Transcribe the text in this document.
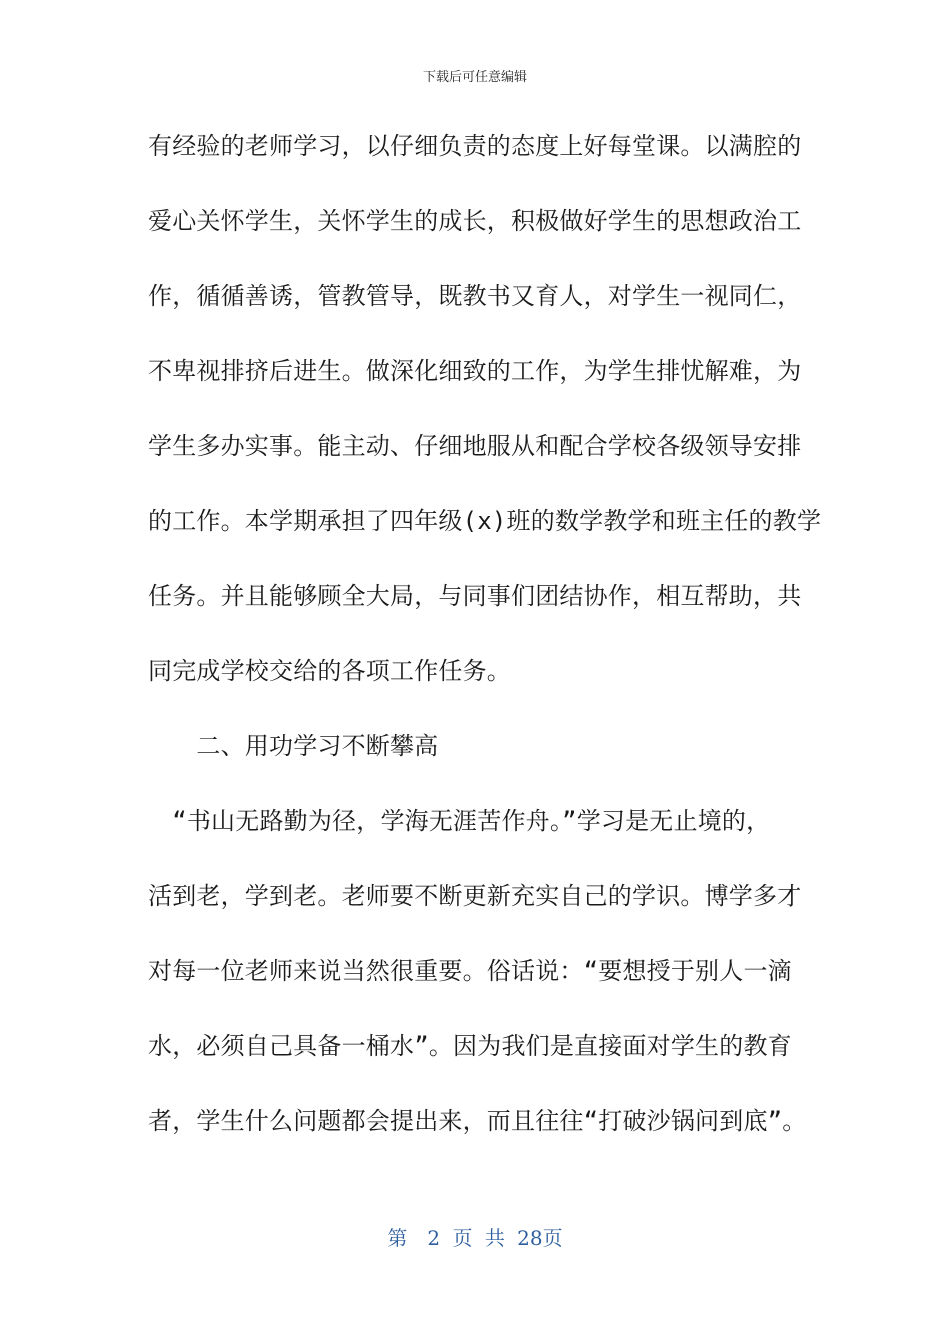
下载后可任意编辑
有经验的老师学习，以仔细负责的态度上好每堂课。以满腔的
爱心关怀学生，关怀学生的成长，积极做好学生的思想政治工
作，循循善诱，管教管导，既教书又育人，对学生一视同仁，
不卑视排挤后进生。做深化细致的工作，为学生排忧解难，为
学生多办实事。能主动、仔细地服从和配合学校各级领导安排
的工作。本学期承担了四年级(x)班的数学教学和班主任的教学
任务。并且能够顾全大局，与同事们团结协作，相互帮助，共
同完成学校交给的各项工作任务。
　　二、用功学习不断攀高
　“书山无路勤为径，学海无涯苦作舟。”学习是无止境的，
活到老，学到老。老师要不断更新充实自己的学识。博学多才
对每一位老师来说当然很重要。俗话说：“要想授于别人一滴
水，必须自己具备一桶水”。因为我们是直接面对学生的教育
者，学生什么问题都会提出来，而且往往“打破沙锅问到底”。
第　2 页 共 28页
